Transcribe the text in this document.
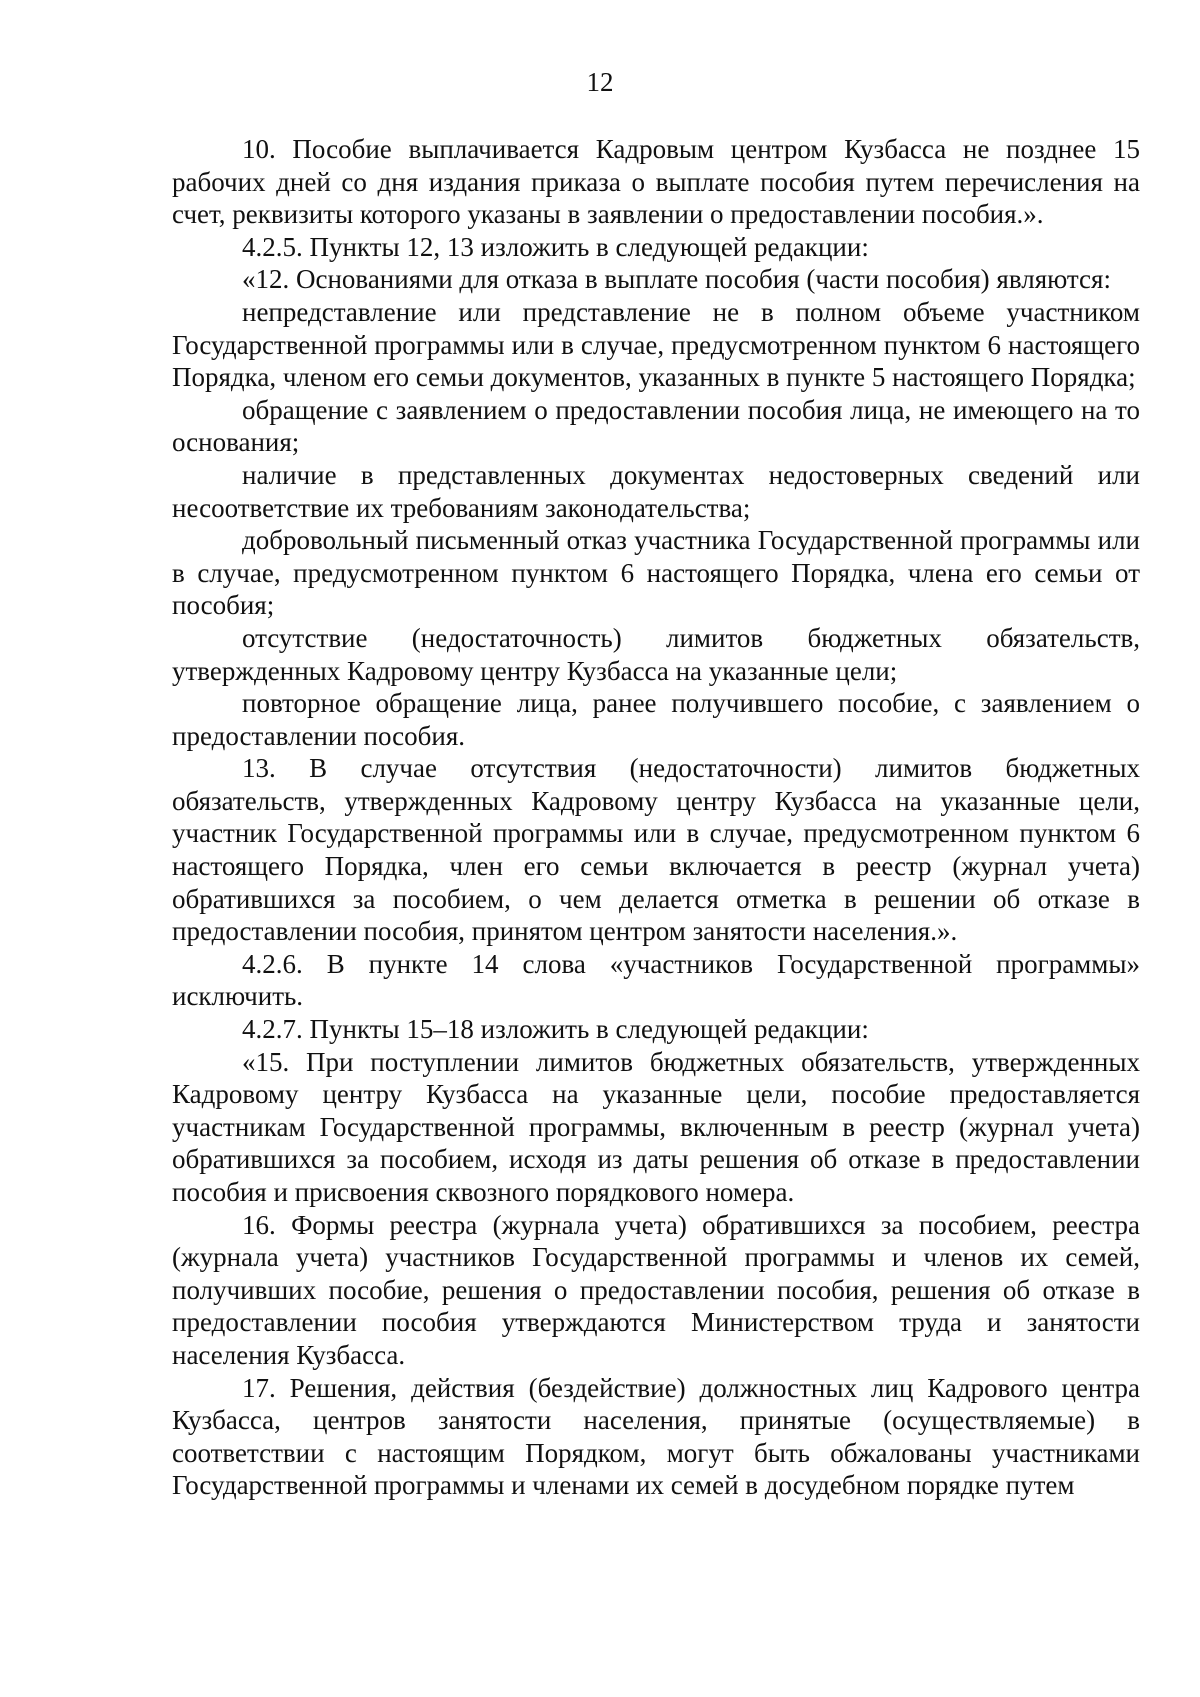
12

10. Пособие выплачивается Кадровым центром Кузбасса не позднее 15 рабочих дней со дня издания приказа о выплате пособия путем перечисления на счет, реквизиты которого указаны в заявлении о предоставлении пособия.».

4.2.5. Пункты 12, 13 изложить в следующей редакции:

«12. Основаниями для отказа в выплате пособия (части пособия) являются:

непредставление или представление не в полном объеме участником Государственной программы или в случае, предусмотренном пунктом 6 настоящего Порядка, членом его семьи документов, указанных в пункте 5 настоящего Порядка;

обращение с заявлением о предоставлении пособия лица, не имеющего на то основания;

наличие в представленных документах недостоверных сведений или несоответствие их требованиям законодательства;

добровольный письменный отказ участника Государственной программы или в случае, предусмотренном пунктом 6 настоящего Порядка, члена его семьи от пособия;

отсутствие (недостаточность) лимитов бюджетных обязательств, утвержденных Кадровому центру Кузбасса на указанные цели;

повторное обращение лица, ранее получившего пособие, с заявлением о предоставлении пособия.

13. В случае отсутствия (недостаточности) лимитов бюджетных обязательств, утвержденных Кадровому центру Кузбасса на указанные цели, участник Государственной программы или в случае, предусмотренном пунктом 6 настоящего Порядка, член его семьи включается в реестр (журнал учета) обратившихся за пособием, о чем делается отметка в решении об отказе в предоставлении пособия, принятом центром занятости населения.».

4.2.6. В пункте 14 слова «участников Государственной программы» исключить.

4.2.7. Пункты 15–18 изложить в следующей редакции:

«15. При поступлении лимитов бюджетных обязательств, утвержденных Кадровому центру Кузбасса на указанные цели, пособие предоставляется участникам Государственной программы, включенным в реестр (журнал учета) обратившихся за пособием, исходя из даты решения об отказе в предоставлении пособия и присвоения сквозного порядкового номера.

16. Формы реестра (журнала учета) обратившихся за пособием, реестра (журнала учета) участников Государственной программы и членов их семей, получивших пособие, решения о предоставлении пособия, решения об отказе в предоставлении пособия утверждаются Министерством труда и занятости населения Кузбасса.

17. Решения, действия (бездействие) должностных лиц Кадрового центра Кузбасса, центров занятости населения, принятые (осуществляемые) в соответствии с настоящим Порядком, могут быть обжалованы участниками Государственной программы и членами их семей в досудебном порядке путем
